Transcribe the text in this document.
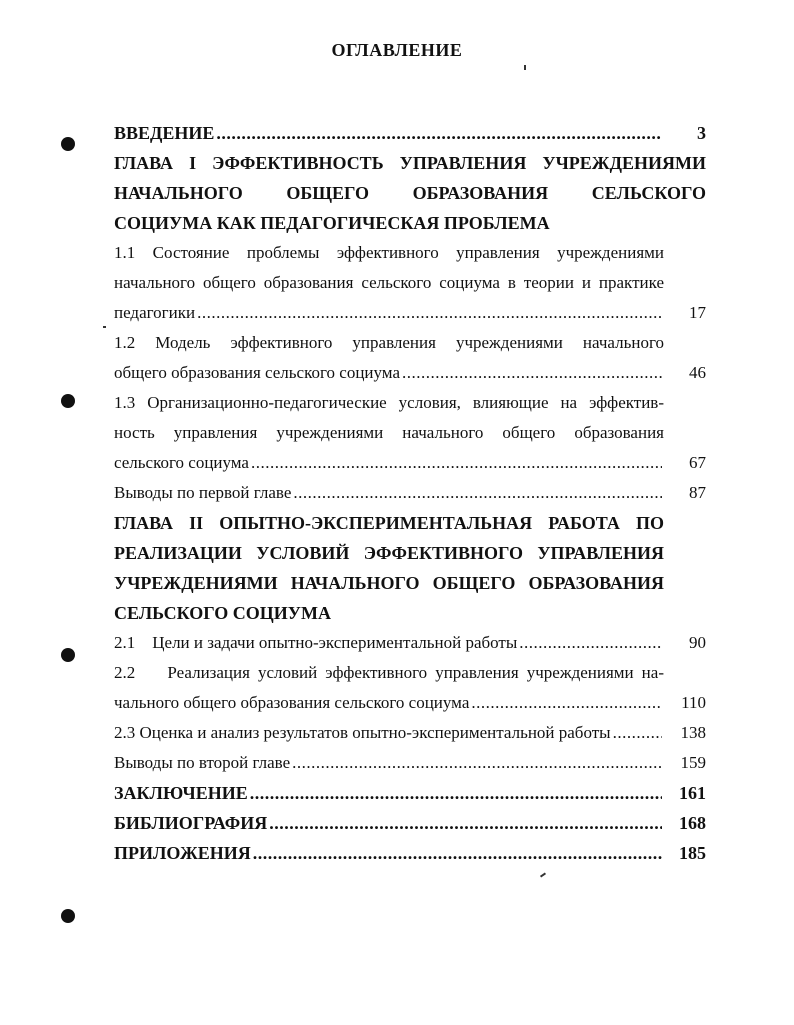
ОГЛАВЛЕНИЕ
ВВЕДЕНИЕ .....	3
ГЛАВА I ЭФФЕКТИВНОСТЬ УПРАВЛЕНИЯ УЧРЕЖДЕНИЯМИ
НАЧАЛЬНОГО ОБЩЕГО ОБРАЗОВАНИЯ СЕЛЬСКОГО
СОЦИУМА КАК ПЕДАГОГИЧЕСКАЯ ПРОБЛЕМА
1.1 Состояние проблемы эффективного управления учреждениями
начального общего образования сельского социума в теории и практике
педагогики .....	17
1.2 Модель эффективного управления учреждениями начального
общего образования сельского социума .....	46
1.3 Организационно-педагогические условия, влияющие на эффектив-
ность управления учреждениями начального общего образования
сельского социума .....	67
Выводы по первой главе .....	87
ГЛАВА II ОПЫТНО-ЭКСПЕРИМЕНТАЛЬНАЯ РАБОТА ПО
РЕАЛИЗАЦИИ УСЛОВИЙ ЭФФЕКТИВНОГО УПРАВЛЕНИЯ
УЧРЕЖДЕНИЯМИ НАЧАЛЬНОГО ОБЩЕГО ОБРАЗОВАНИЯ
СЕЛЬСКОГО СОЦИУМА
2.1    Цели и задачи опытно-экспериментальной работы .....	90
2.2    Реализация условий эффективного управления учреждениями на-
чального общего образования сельского социума .....	110
2.3 Оценка и анализ результатов опытно-экспериментальной работы .....	138
Выводы по второй главе .....	159
ЗАКЛЮЧЕНИЕ .....	161
БИБЛИОГРАФИЯ .....	168
ПРИЛОЖЕНИЯ .....	185
